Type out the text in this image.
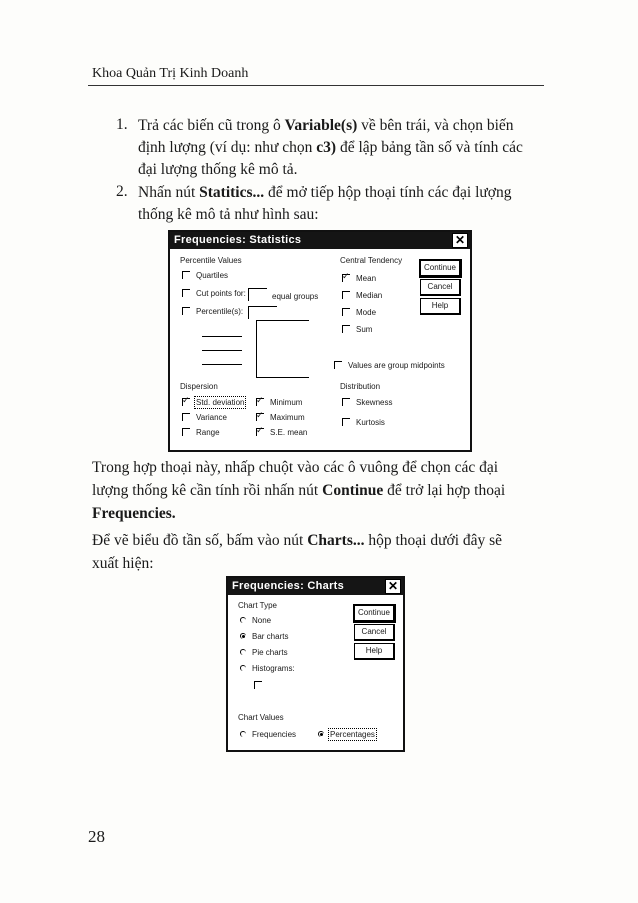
Khoa Quản Trị Kinh Doanh
1. Trả các biến cũ trong ô Variable(s) về bên trái, và chọn biến

định lượng (ví dụ: như chọn c3) để lập bảng tần số và tính các

đại lượng thống kê mô tả.

2. Nhấn nút Statitics... để mở tiếp hộp thoại tính các đại lượng

thống kê mô tả như hình sau:

Frequencies: Statistics	✕
Percentile Values
Quartiles
Cut points for:	equal groups
Percentile(s):
Central Tendency
✓Mean
Median
Mode
Sum
Values are group midpoints
Continue
Cancel
Help
Dispersion
✓Std. deviation
Variance
Range
✓Minimum
✓Maximum
✓S.E. mean
Distribution
Skewness
Kurtosis

Trong hợp thoại này, nhấp chuột vào các ô vuông để chọn các đại

lượng thống kê cần tính rồi nhấn nút Continue để trở lại hợp thoại

Frequencies.

Để vẽ biểu đồ tần số, bấm vào nút Charts... hộp thoại dưới đây sẽ

xuất hiện:

Frequencies: Charts	✕
Chart Type
None
Bar charts
Pie charts
Histograms:
Chart Values
Frequencies	Percentages
Continue
Cancel
Help
28
